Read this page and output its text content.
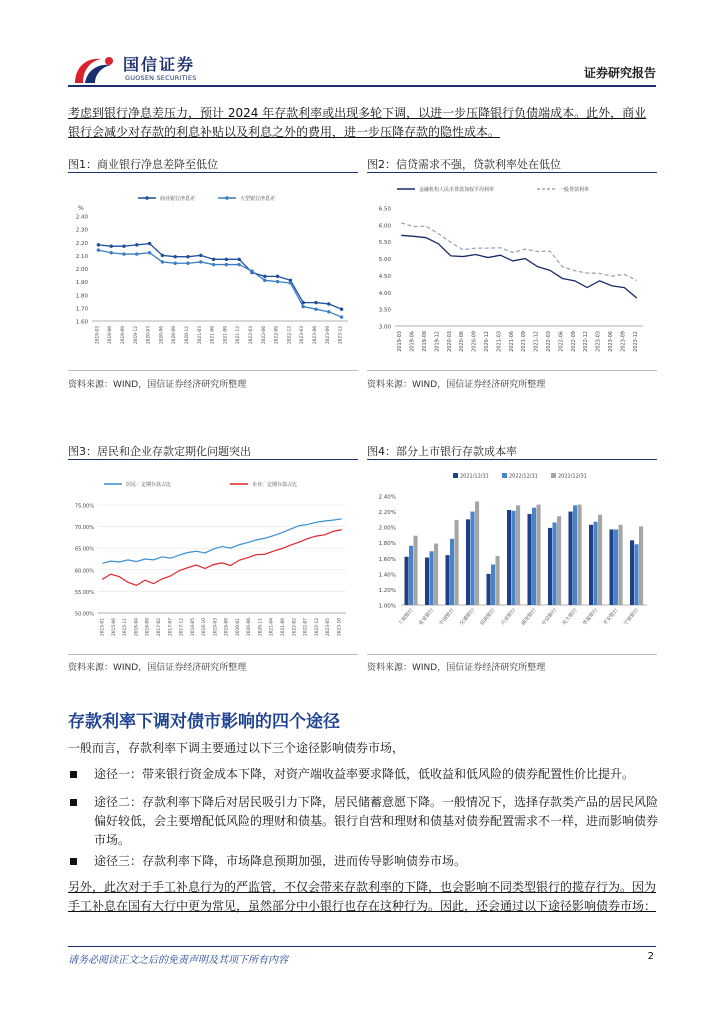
国信证券
GUOSEN SECURITIES	证券研究报告
考虑到银行净息差压力，预计 2024 年存款利率或出现多轮下调，以进一步压降银行负债端成本。此外，商业银行会减少对存款的利息补贴以及利息之外的费用，进一步压降存款的隐性成本。
图1：商业银行净息差降至低位
2.40
2.30
2.20
2.10
2.00
1.90
1.80
1.70
1.60
%
2019-03 2019-06 2019-09 2019-12 2020-03 2020-06 2020-09 2020-12 2021-03 2021-06 2021-09 2021-12 2022-03 2022-06 2022-09 2022-12 2023-03 2023-06 2023-09 2023-12
商业银行净息差	大型银行净息差
资料来源：WIND，国信证券经济研究所整理
图2：信贷需求不强，贷款利率处在低位
6.50
6.00
5.50
5.00
4.50
4.00
3.50
3.00
2019-03 2019-06 2019-09 2019-12 2020-03 2020-06 2020-09 2020-12 2021-03 2021-06 2021-09 2021-12 2022-03 2022-06 2022-09 2022-12 2023-03 2023-06 2023-09 2023-12
金融机构人民币贷款加权平均利率	一般贷款利率
资料来源：WIND，国信证券经济研究所整理
图3：居民和企业存款定期化问题突出
75.00%
70.00%
65.00%
60.00%
55.00%
50.00%
2015-01 2015-06 2015-11 2016-04 2016-09 2017-02 2017-07 2017-12 2018-05 2018-10 2019-03 2019-08 2020-01 2020-06 2020-11 2021-04 2021-09 2022-02 2022-07 2022-12 2023-05 2023-10
居民：定期存款占比	企业：定期存款占比
资料来源：WIND，国信证券经济研究所整理
图4：部分上市银行存款成本率
2.40%
2.20%
2.00%
1.80%
1.60%
1.40%
1.20%
1.00%
2021/12/31	2022/12/31	2022/12/31
工商银行 农业银行 中国银行 交通银行 招商银行 兴业银行 浦发银行 中信银行 光大银行 华夏银行 平安银行 宁波银行
资料来源：WIND，国信证券经济研究所整理
存款利率下调对债市影响的四个途径
一般而言，存款利率下调主要通过以下三个途径影响债券市场，
途径一：带来银行资金成本下降，对资产端收益率要求降低，低收益和低风险的债券配置性价比提升。
途径二：存款利率下降后对居民吸引力下降，居民储蓄意愿下降。一般情况下，选择存款类产品的居民风险偏好较低，会主要增配低风险的理财和债基。银行自营和理财和债基对债券配置需求不一样，进而影响债券市场。
途径三：存款利率下降，市场降息预期加强，进而传导影响债券市场。
另外，此次对于手工补息行为的严监管，不仅会带来存款利率的下降，也会影响不同类型银行的揽存行为。因为手工补息在国有大行中更为常见，虽然部分中小银行也存在这种行为。因此，还会通过以下途径影响债券市场：
请务必阅读正文之后的免责声明及其项下所有内容	2
